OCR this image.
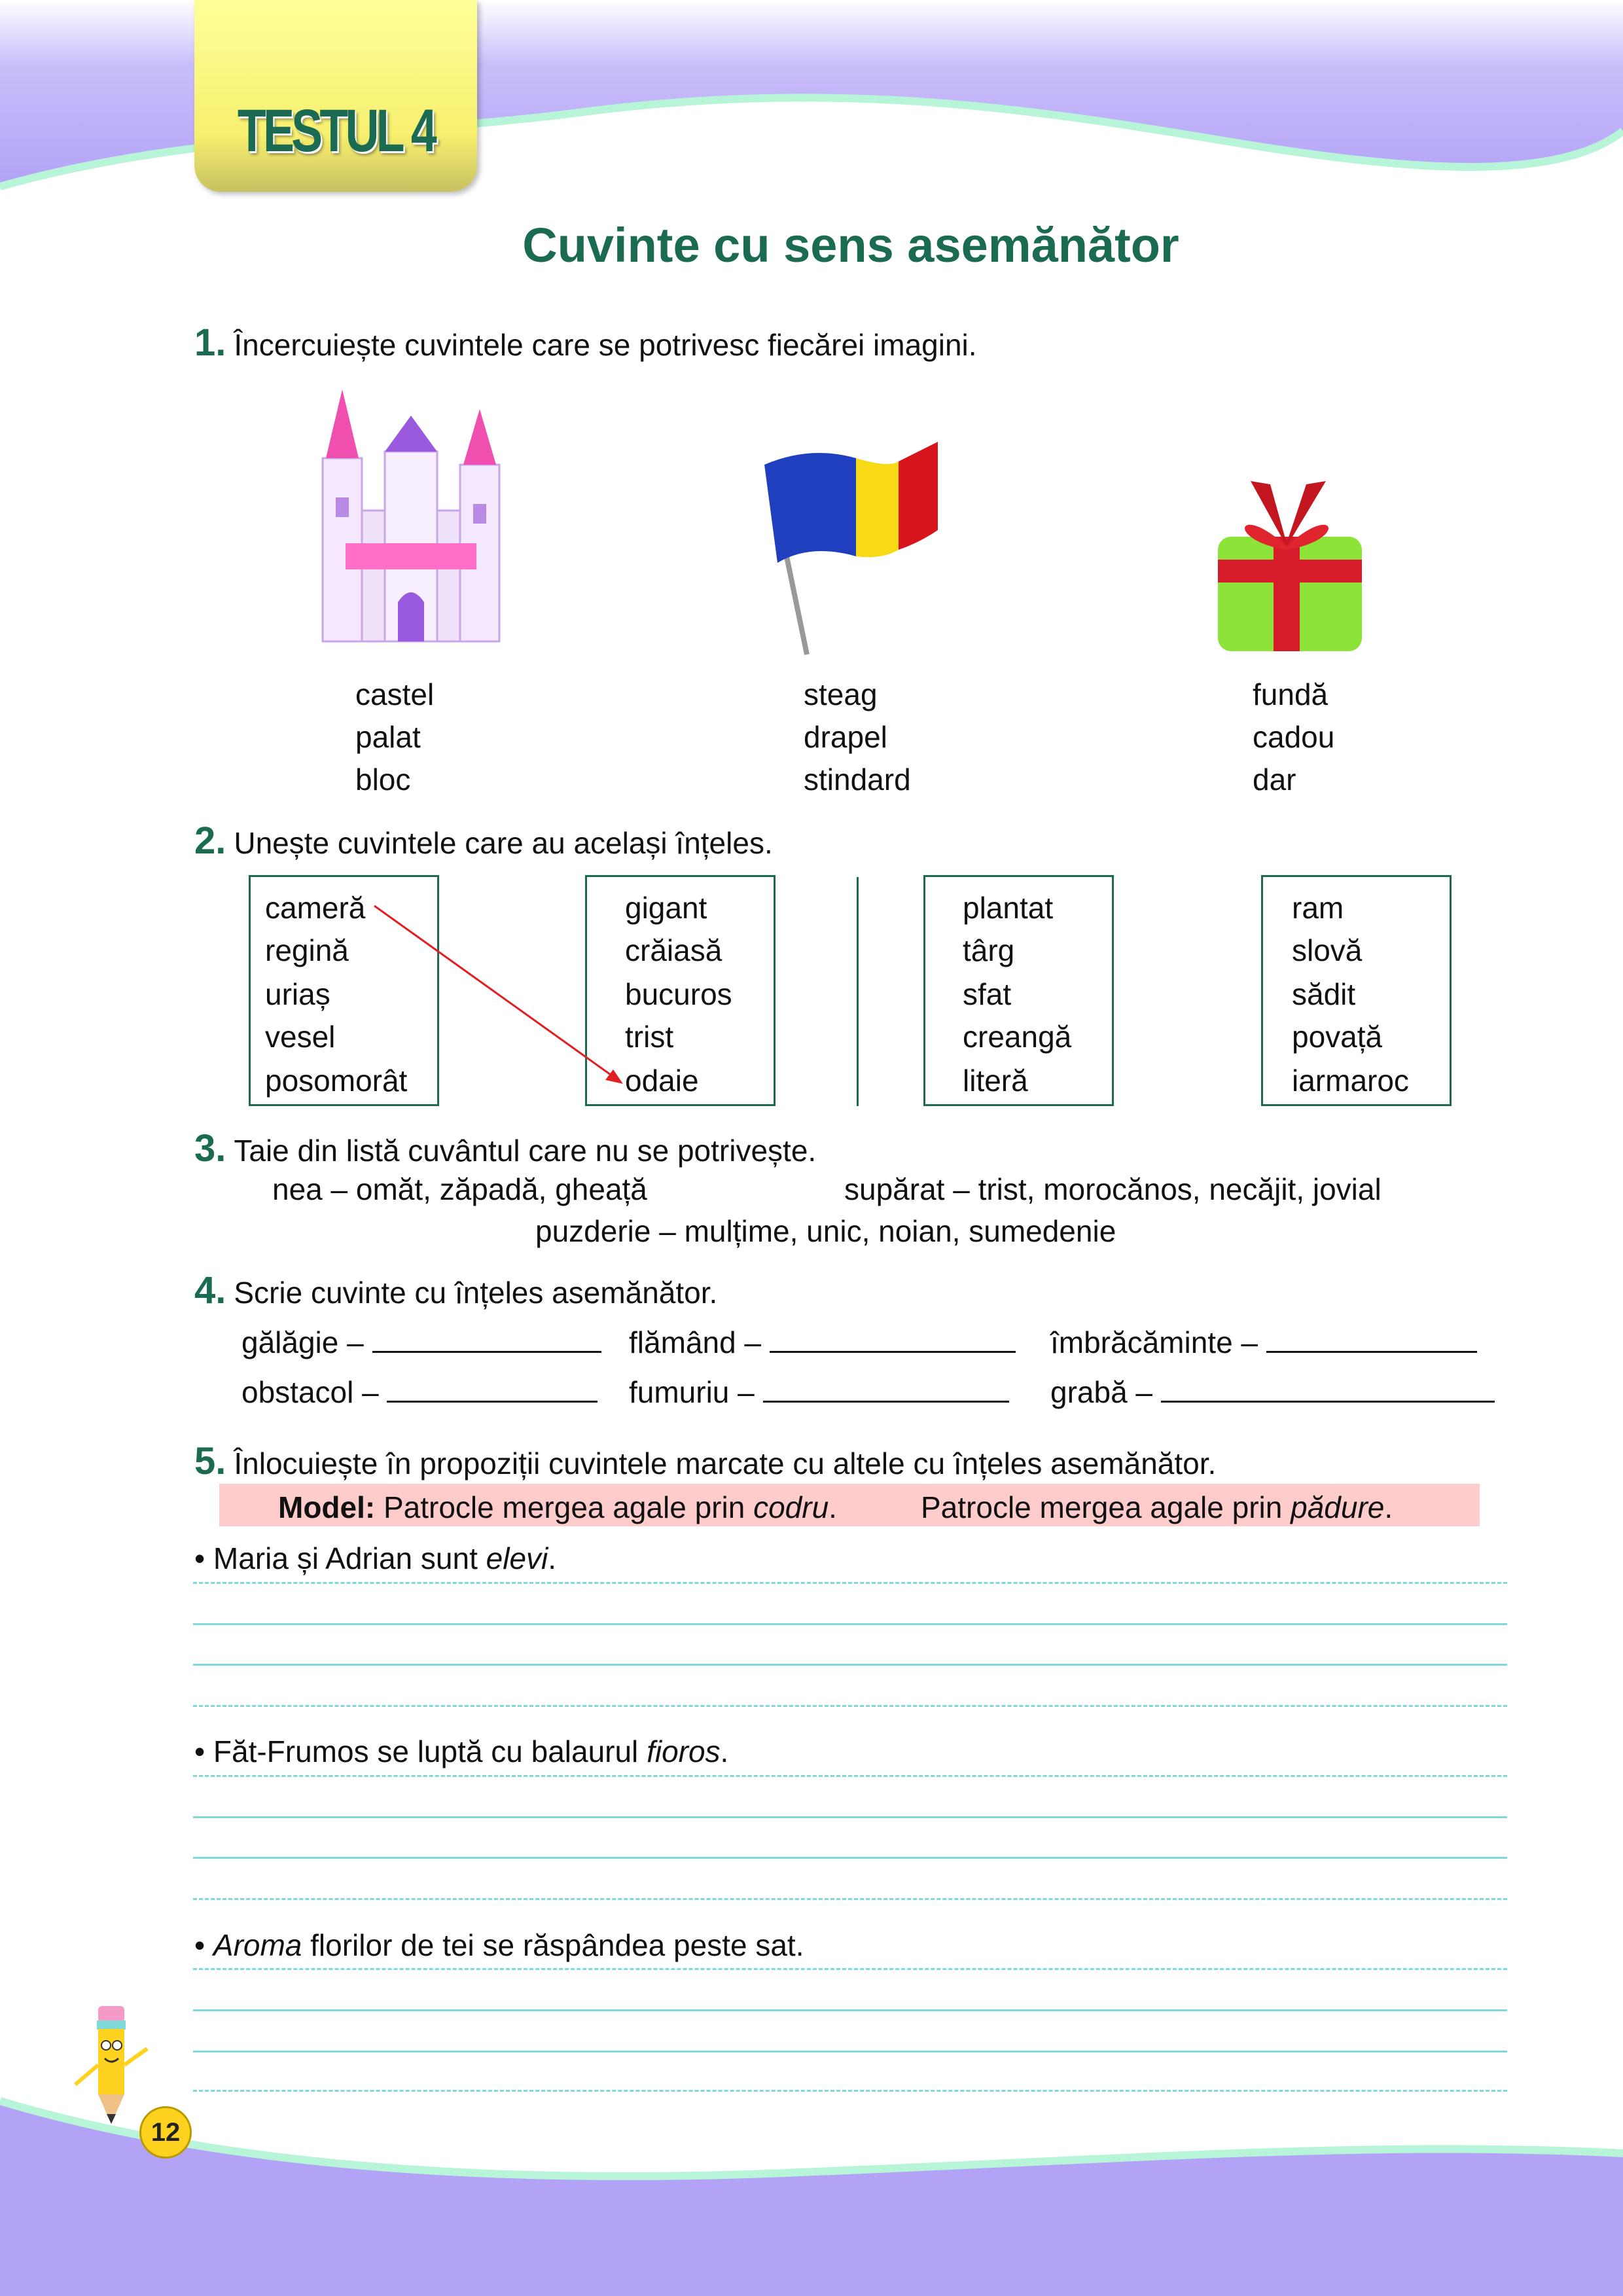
TESTUL 4
Cuvinte cu sens asemănător
1. Încercuiește cuvintele care se potrivesc fiecărei imagini.
castel
palat
bloc
steag
drapel
stindard
fundă
cadou
dar
2. Unește cuvintele care au același înțeles.
cameră
regină
uriaș
vesel
posomorât
gigant
crăiasă
bucuros
trist
odaie
plantat
târg
sfat
creangă
literă
ram
slovă
sădit
povață
iarmaroc
3. Taie din listă cuvântul care nu se potrivește.
nea – omăt, zăpadă, gheață	supărat – trist, morocănos, necăjit, jovial
puzderie – mulțime, unic, noian, sumedenie
4. Scrie cuvinte cu înțeles asemănător.
gălăgie –	flămând –	îmbrăcăminte –
obstacol –	fumuriu –	grabă –
5. Înlocuiește în propoziții cuvintele marcate cu altele cu înțeles asemănător.
Model: Patrocle mergea agale prin codru.	Patrocle mergea agale prin pădure.
• Maria și Adrian sunt elevi.
• Făt-Frumos se luptă cu balaurul fioros.
• Aroma florilor de tei se răspândea peste sat.
12
